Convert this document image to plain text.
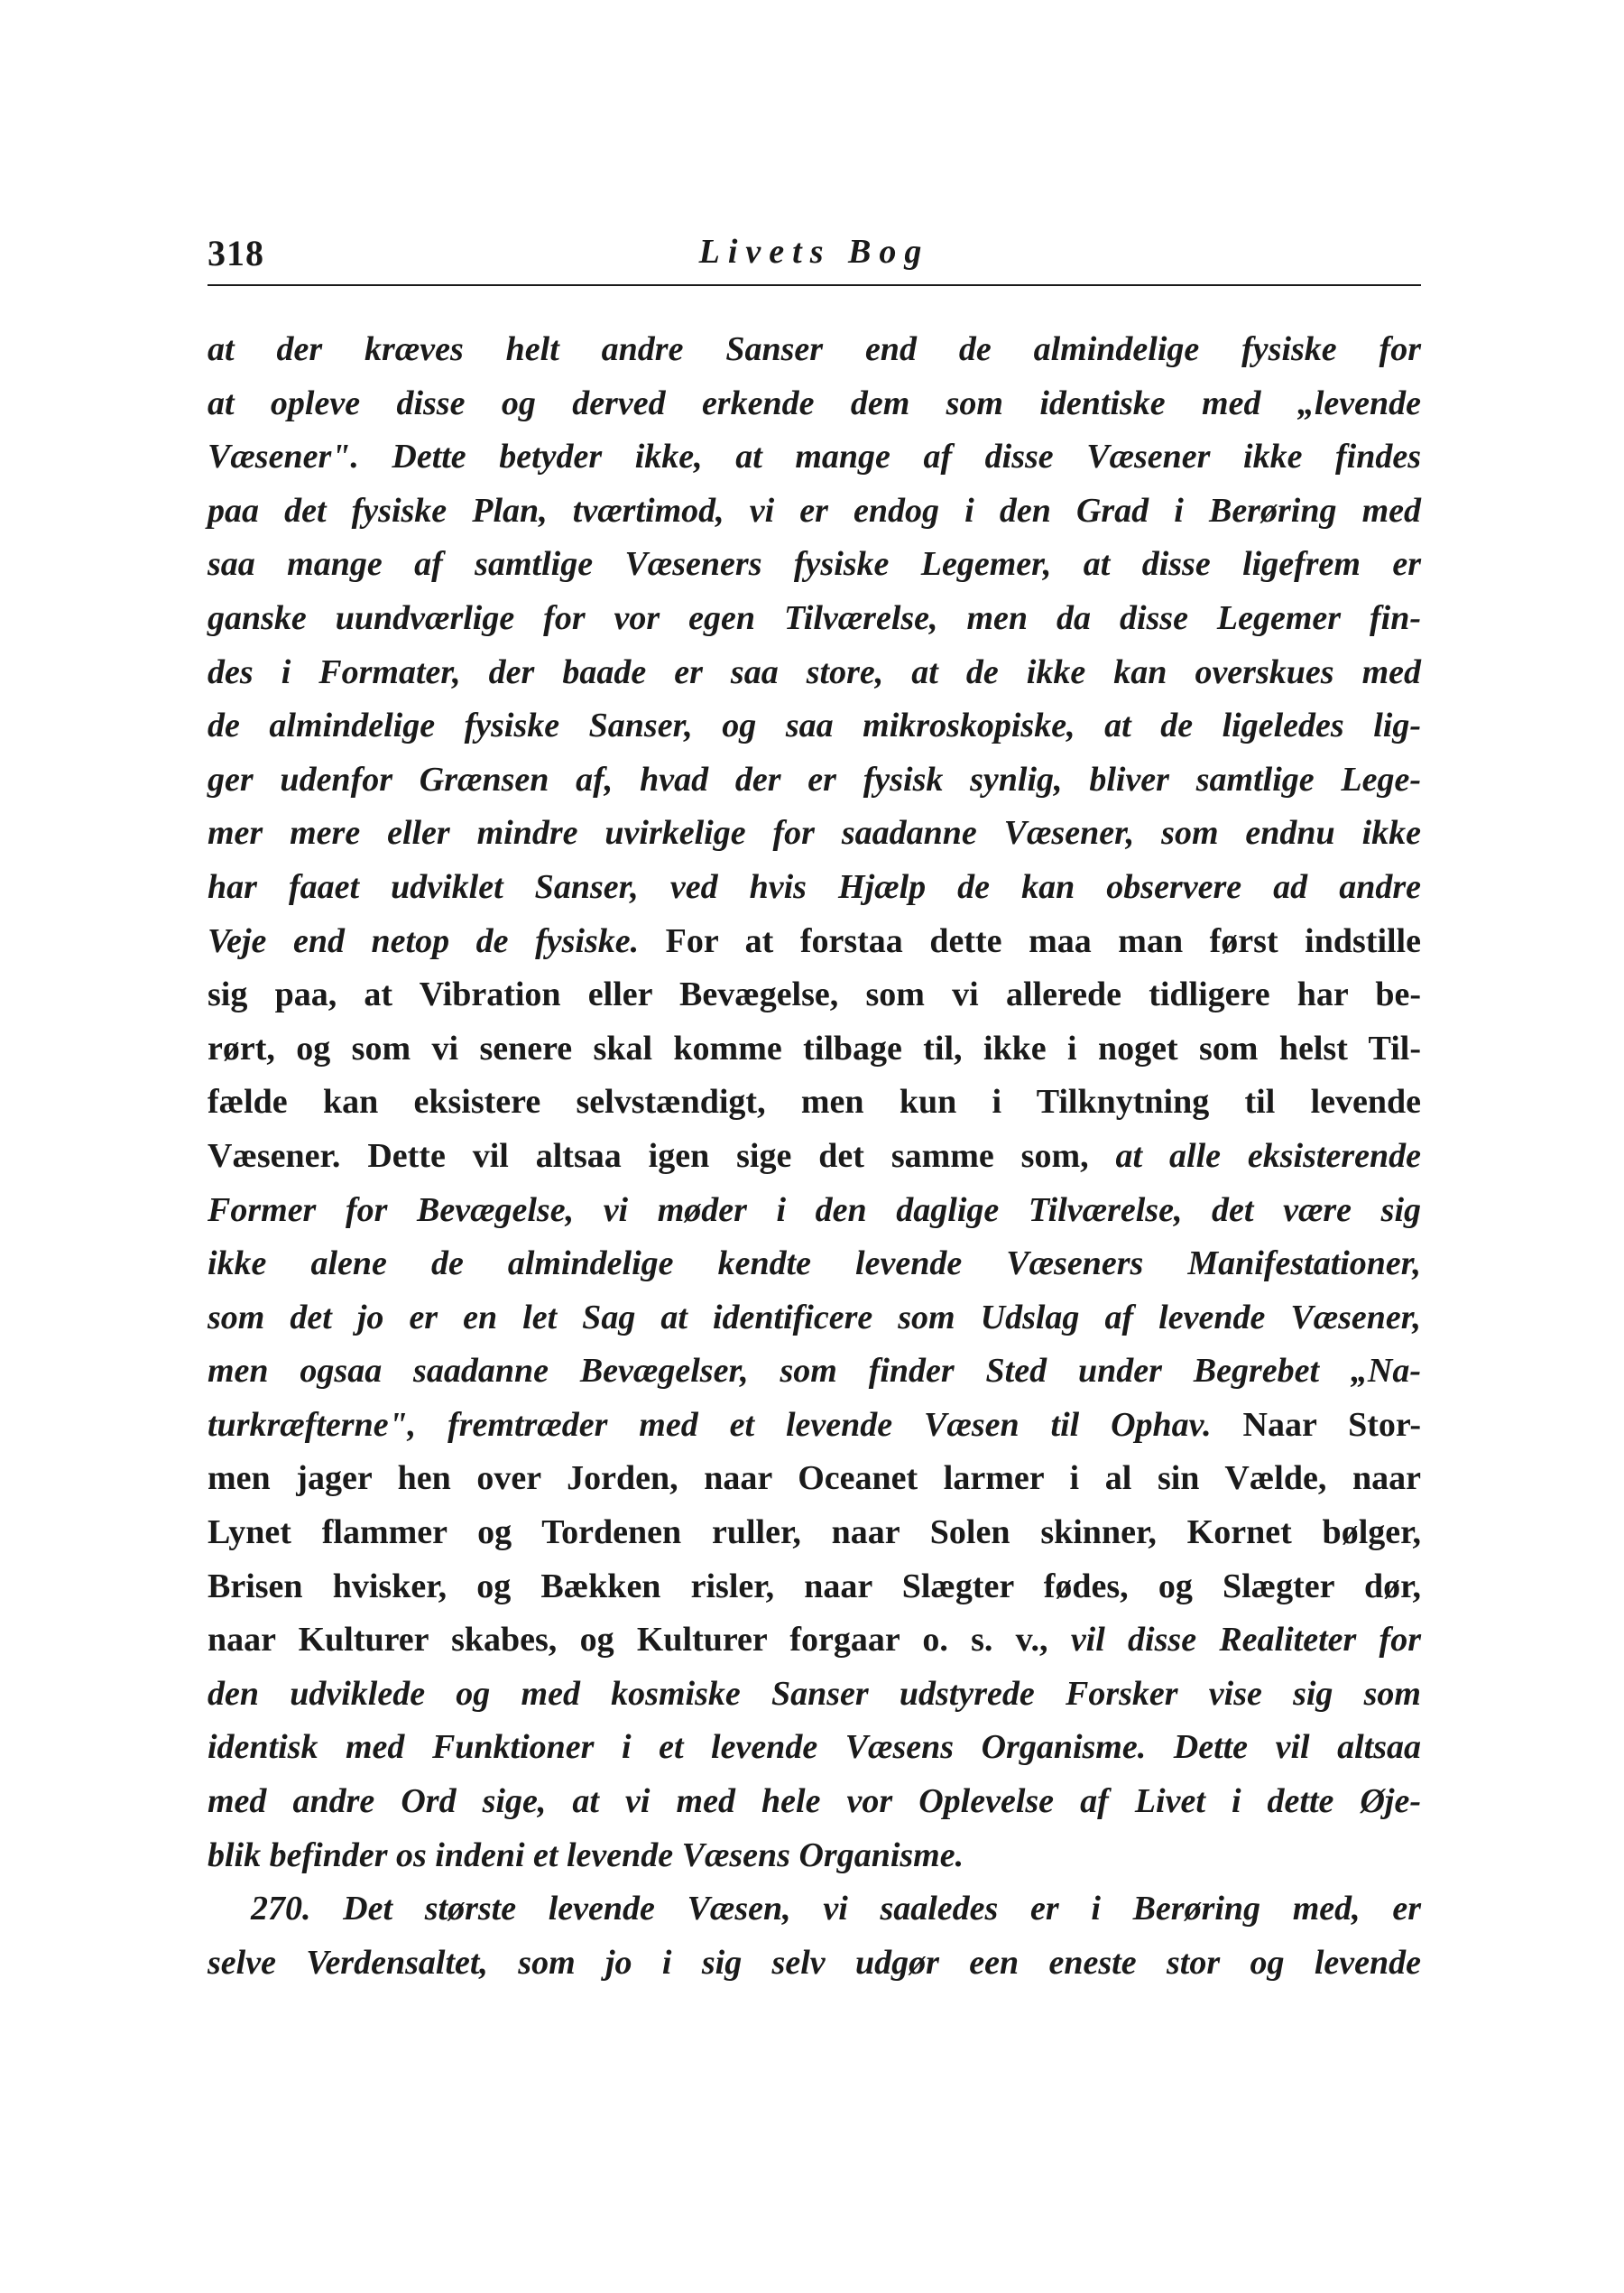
318	Livets Bog
at der kræves helt andre Sanser end de almindelige fysiske for
at opleve disse og derved erkende dem som identiske med „levende
Væsener". Dette betyder ikke, at mange af disse Væsener ikke findes
paa det fysiske Plan, tværtimod, vi er endog i den Grad i Berøring med
saa mange af samtlige Væseners fysiske Legemer, at disse ligefrem er
ganske uundværlige for vor egen Tilværelse, men da disse Legemer fin-
des i Formater, der baade er saa store, at de ikke kan overskues med
de almindelige fysiske Sanser, og saa mikroskopiske, at de ligeledes lig-
ger udenfor Grænsen af, hvad der er fysisk synlig, bliver samtlige Lege-
mer mere eller mindre uvirkelige for saadanne Væsener, som endnu ikke
har faaet udviklet Sanser, ved hvis Hjælp de kan observere ad andre
Veje end netop de fysiske. For at forstaa dette maa man først indstille
sig paa, at Vibration eller Bevægelse, som vi allerede tidligere har be-
rørt, og som vi senere skal komme tilbage til, ikke i noget som helst Til-
fælde kan eksistere selvstændigt, men kun i Tilknytning til levende
Væsener. Dette vil altsaa igen sige det samme som, at alle eksisterende
Former for Bevægelse, vi møder i den daglige Tilværelse, det være sig
ikke alene de almindelige kendte levende Væseners Manifestationer,
som det jo er en let Sag at identificere som Udslag af levende Væsener,
men ogsaa saadanne Bevægelser, som finder Sted under Begrebet „Na-
turkræfterne", fremtræder med et levende Væsen til Ophav. Naar Stor-
men jager hen over Jorden, naar Oceanet larmer i al sin Vælde, naar
Lynet flammer og Tordenen ruller, naar Solen skinner, Kornet bølger,
Brisen hvisker, og Bækken risler, naar Slægter fødes, og Slægter dør,
naar Kulturer skabes, og Kulturer forgaar o. s. v., vil disse Realiteter for
den udviklede og med kosmiske Sanser udstyrede Forsker vise sig som
identisk med Funktioner i et levende Væsens Organisme. Dette vil altsaa
med andre Ord sige, at vi med hele vor Oplevelse af Livet i dette Øje-
blik befinder os indeni et levende Væsens Organisme.
270. Det største levende Væsen, vi saaledes er i Berøring med, er
selve Verdensaltet, som jo i sig selv udgør een eneste stor og levende
